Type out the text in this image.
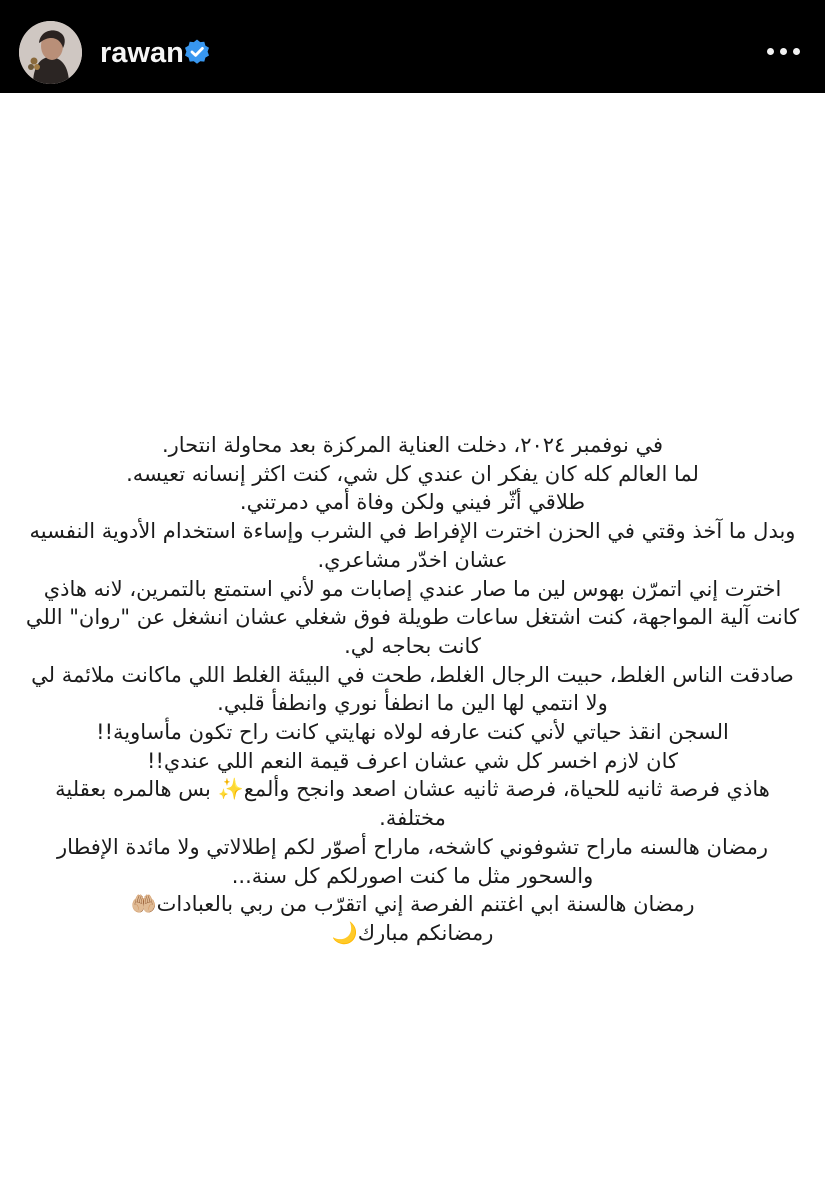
rawan

في نوفمبر ٢٠٢٤، دخلت العناية المركزة بعد محاولة انتحار.

لما العالم كله كان يفكر ان عندي كل شي، كنت اكثر إنسانه تعيسه.

طلاقي أثّر فيني ولكن وفاة أمي دمرتني.

وبدل ما آخذ وقتي في الحزن اخترت الإفراط في الشرب وإساءة استخدام الأدوية النفسيه عشان اخدّر مشاعري.

اخترت إني اتمرّن بهوس لين ما صار عندي إصابات مو لأني استمتع بالتمرين، لانه هاذي كانت آلية المواجهة، كنت اشتغل ساعات طويلة فوق شغلي عشان انشغل عن "روان" اللي كانت بحاجه لي.

صادقت الناس الغلط، حبيت الرجال الغلط، طحت في البيئة الغلط اللي ماكانت ملائمة لي ولا انتمي لها الين ما انطفأ نوري وانطفأ قلبي.

السجن انقذ حياتي لأني كنت عارفه لولاه نهايتي كانت راح تكون مأساوية!!

كان لازم اخسر كل شي عشان اعرف قيمة النعم اللي عندي!!

هاذي فرصة ثانيه للحياة، فرصة ثانيه عشان اصعد وانجح وألمع✨ بس هالمره بعقلية مختلفة.

رمضان هالسنه ماراح تشوفوني كاشخه، ماراح أصوّر لكم إطلالاتي ولا مائدة الإفطار والسحور مثل ما كنت اصورلكم كل سنة...

رمضان هالسنة ابي اغتنم الفرصة إني اتقرّب من ربي بالعبادات🤲🏼

رمضانكم مبارك🌙
